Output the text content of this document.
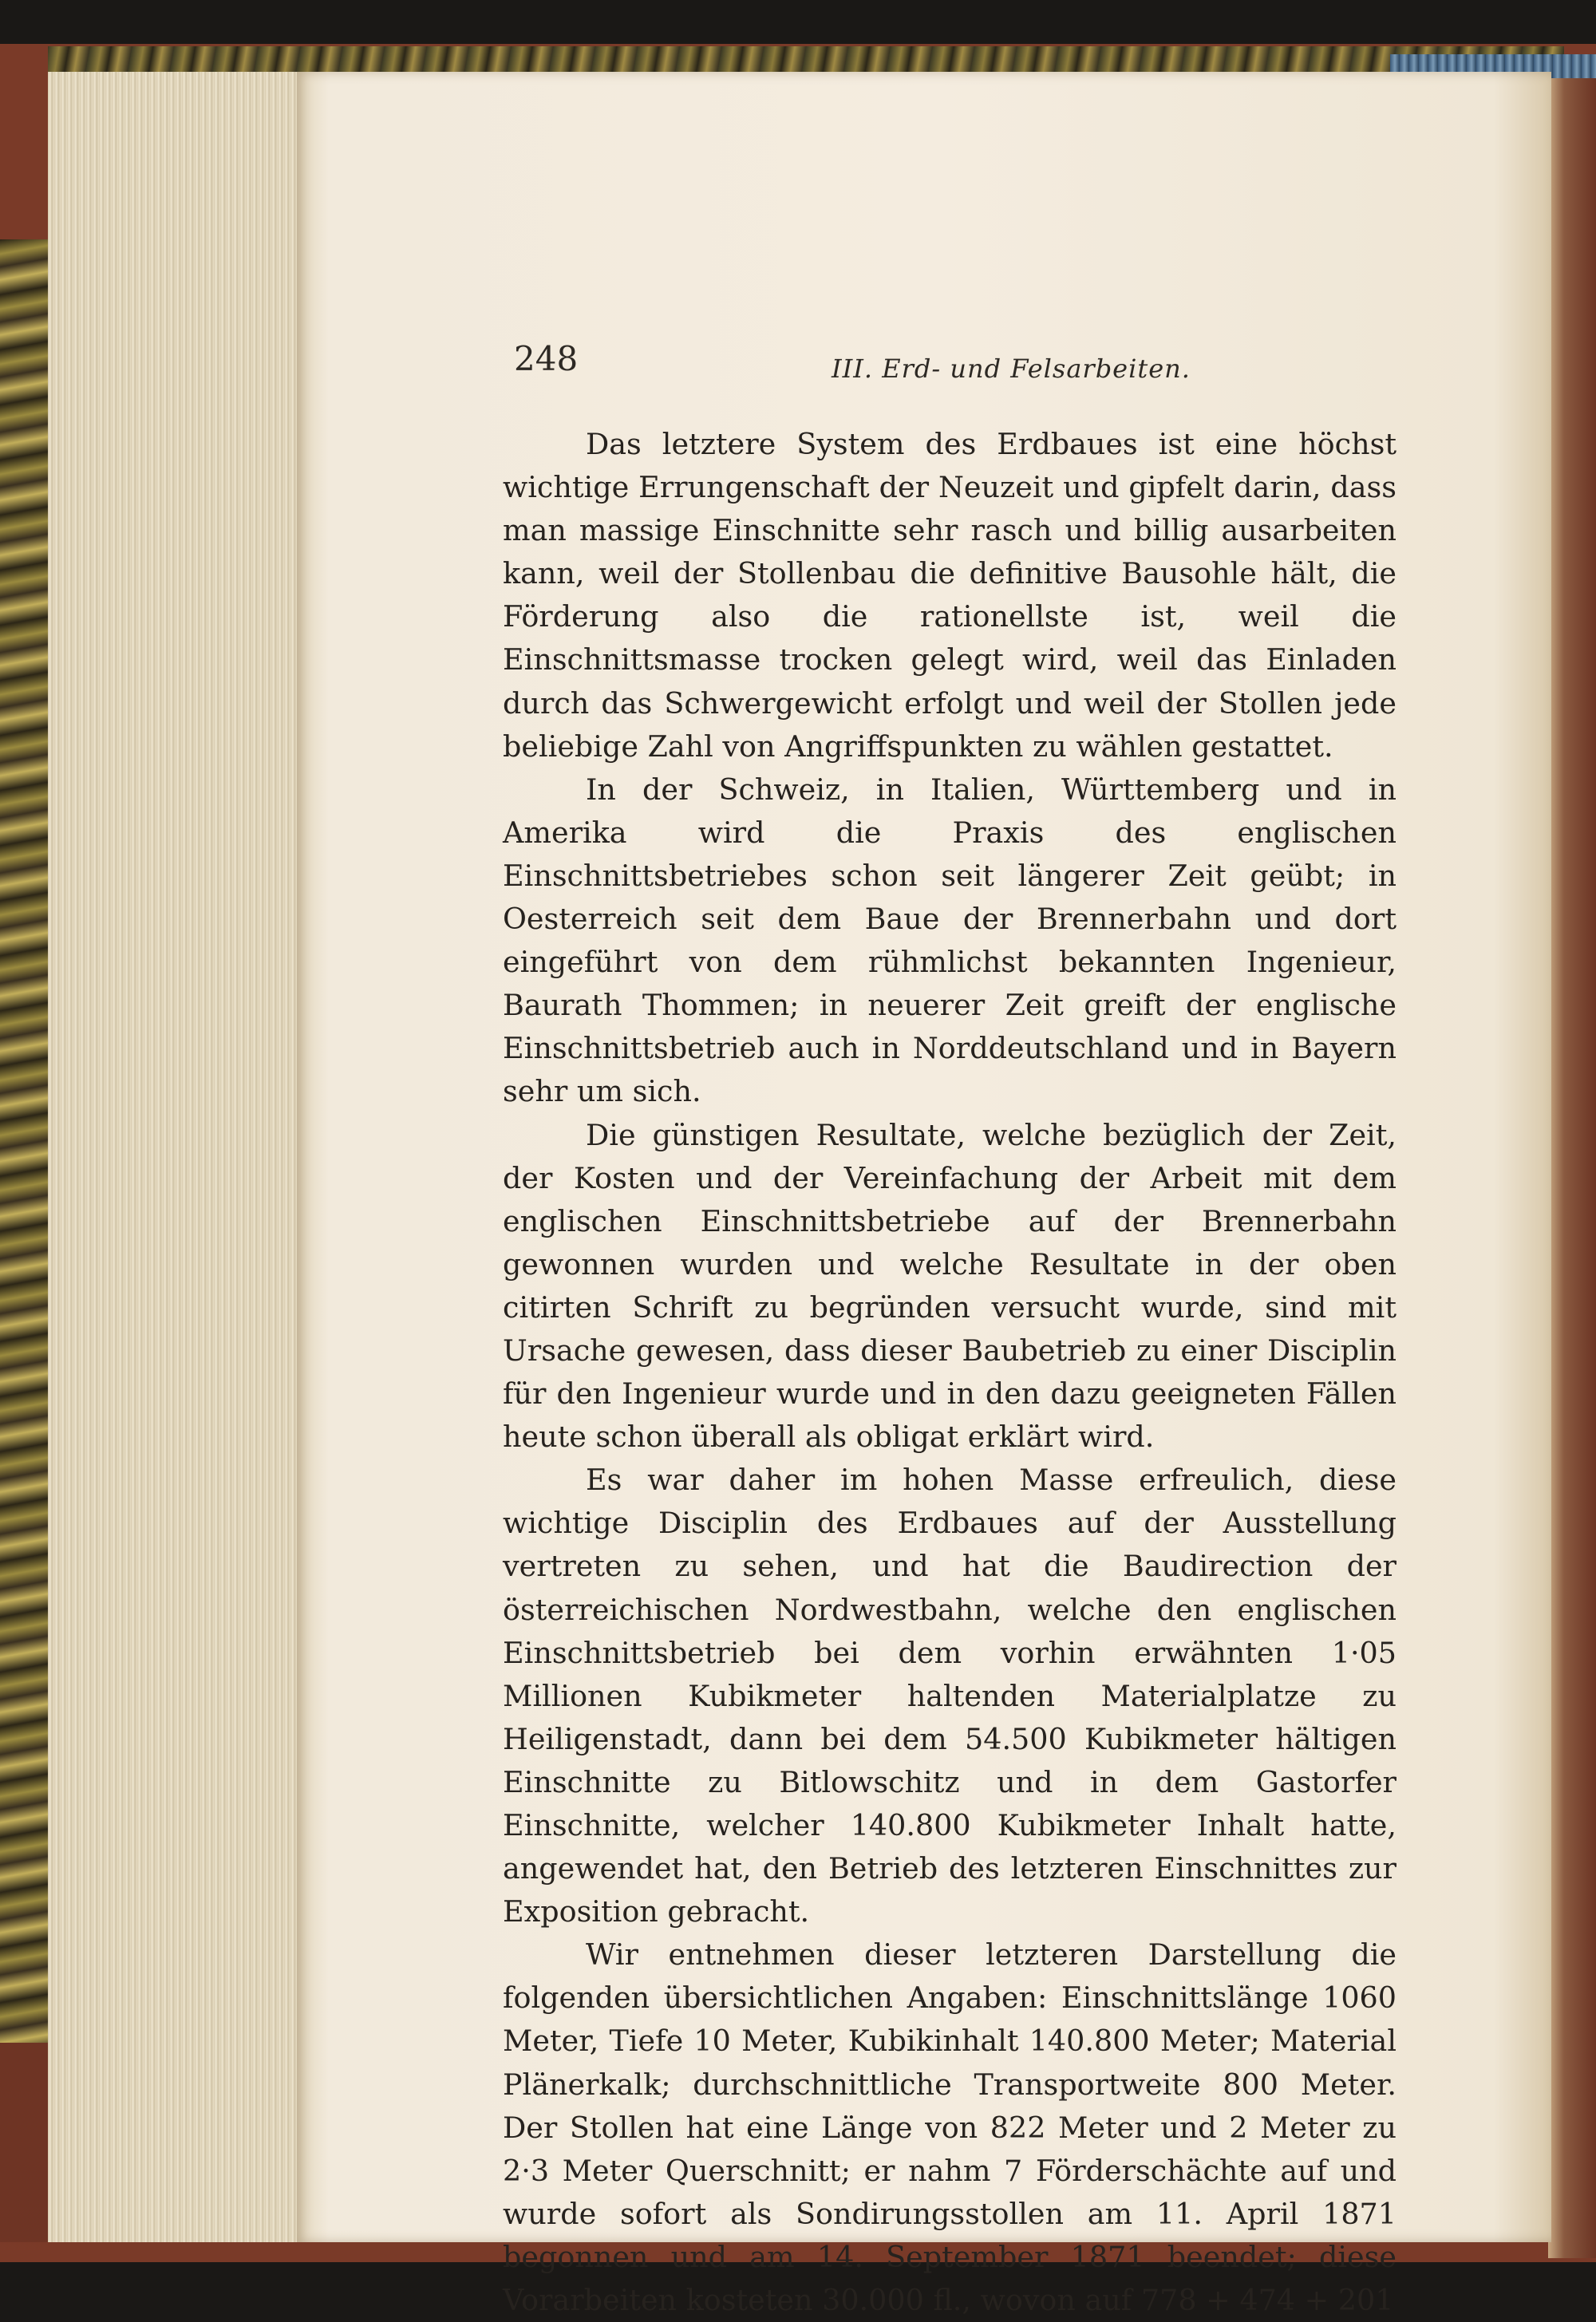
248	III. Erd- und Felsarbeiten.

Das letztere System des Erdbaues ist eine höchst wichtige Errungenschaft der Neuzeit und gipfelt darin, dass man massige Einschnitte sehr rasch und billig ausarbeiten kann, weil der Stollenbau die definitive Bausohle hält, die Förderung also die rationellste ist, weil die Einschnittsmasse trocken gelegt wird, weil das Einladen durch das Schwergewicht erfolgt und weil der Stollen jede beliebige Zahl von Angriffspunkten zu wählen gestattet.

In der Schweiz, in Italien, Württemberg und in Amerika wird die Praxis des englischen Einschnittsbetriebes schon seit längerer Zeit geübt; in Oesterreich seit dem Baue der Brennerbahn und dort eingeführt von dem rühmlichst bekannten Ingenieur, Baurath Thommen; in neuerer Zeit greift der englische Einschnittsbetrieb auch in Norddeutschland und in Bayern sehr um sich.

Die günstigen Resultate, welche bezüglich der Zeit, der Kosten und der Vereinfachung der Arbeit mit dem englischen Einschnittsbetriebe auf der Brennerbahn gewonnen wurden und welche Resultate in der oben citirten Schrift zu begründen versucht wurde, sind mit Ursache gewesen, dass dieser Baubetrieb zu einer Disciplin für den Ingenieur wurde und in den dazu geeigneten Fällen heute schon überall als obligat erklärt wird.

Es war daher im hohen Masse erfreulich, diese wichtige Disciplin des Erdbaues auf der Ausstellung vertreten zu sehen, und hat die Baudirection der österreichischen Nordwestbahn, welche den englischen Einschnittsbetrieb bei dem vorhin erwähnten 1·05 Millionen Kubikmeter haltenden Materialplatze zu Heiligenstadt, dann bei dem 54.500 Kubikmeter hältigen Einschnitte zu Bitlowschitz und in dem Gastorfer Einschnitte, welcher 140.800 Kubikmeter Inhalt hatte, angewendet hat, den Betrieb des letzteren Einschnittes zur Exposition gebracht.

Wir entnehmen dieser letzteren Darstellung die folgenden übersichtlichen Angaben: Einschnittslänge 1060 Meter, Tiefe 10 Meter, Kubikinhalt 140.800 Meter; Material Plänerkalk; durchschnittliche Transportweite 800 Meter. Der Stollen hat eine Länge von 822 Meter und 2 Meter zu 2·3 Meter Querschnitt; er nahm 7 Förderschächte auf und wurde sofort als Sondirungsstollen am 11. April 1871 begonnen und am 14. September 1871 beendet; diese Vorarbeiten kosteten 30.000 fl., wovon auf 778 + 474 + 201
